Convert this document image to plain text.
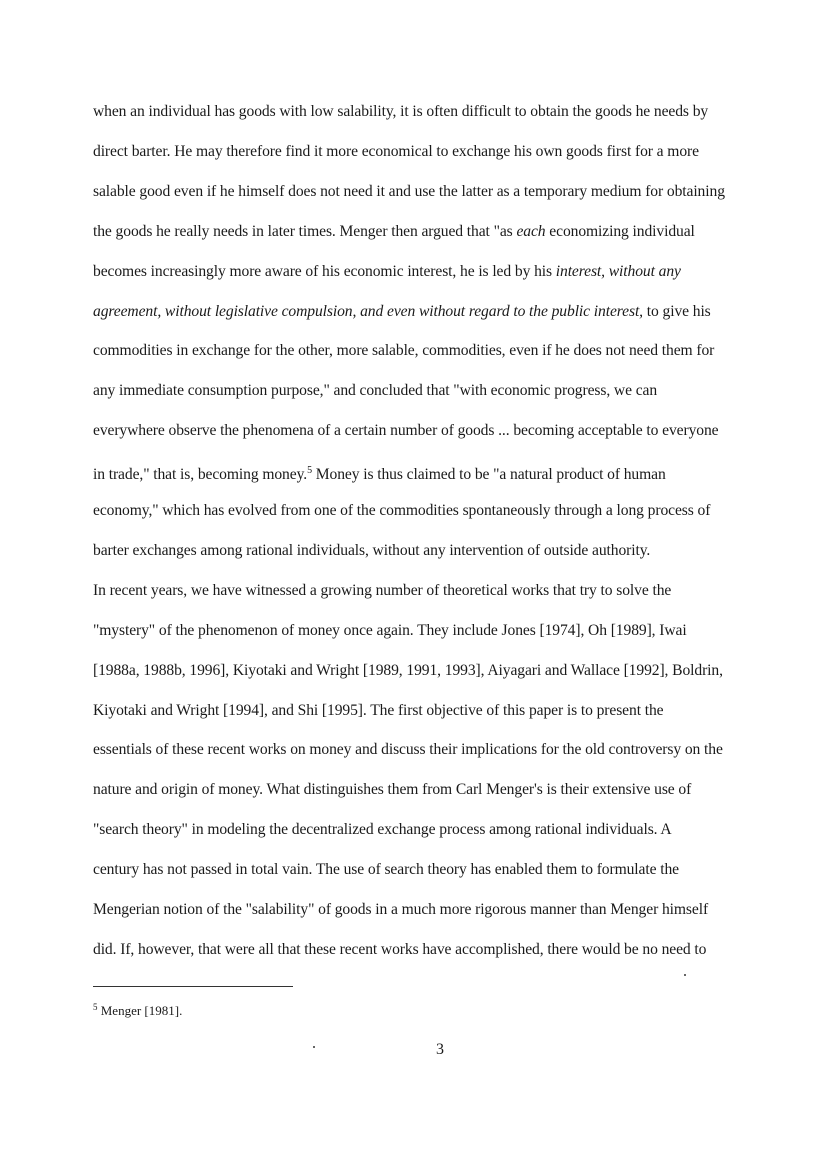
when an individual has goods with low salability, it is often difficult to obtain the goods he needs by
direct barter. He may therefore find it more economical to exchange his own goods first for a more
salable good even if he himself does not need it and use the latter as a temporary medium for obtaining
the goods he really needs in later times. Menger then argued that "as each economizing individual
becomes increasingly more aware of his economic interest, he is led by his interest, without any
agreement, without legislative compulsion, and even without regard to the public interest, to give his
commodities in exchange for the other, more salable, commodities, even if he does not need them for
any immediate consumption purpose," and concluded that "with economic progress, we can
everywhere observe the phenomena of a certain number of goods ... becoming acceptable to everyone
in trade," that is, becoming money.$^5$ Money is thus claimed to be "a natural product of human
economy," which has evolved from one of the commodities spontaneously through a long process of
barter exchanges among rational individuals, without any intervention of outside authority.
In recent years, we have witnessed a growing number of theoretical works that try to solve the
"mystery" of the phenomenon of money once again. They include Jones [1974], Oh [1989], Iwai
[1988a, 1988b, 1996], Kiyotaki and Wright [1989, 1991, 1993], Aiyagari and Wallace [1992], Boldrin,
Kiyotaki and Wright [1994], and Shi [1995]. The first objective of this paper is to present the
essentials of these recent works on money and discuss their implications for the old controversy on the
nature and origin of money. What distinguishes them from Carl Menger's is their extensive use of
"search theory" in modeling the decentralized exchange process among rational individuals. A
century has not passed in total vain. The use of search theory has enabled them to formulate the
Mengerian notion of the "salability" of goods in a much more rigorous manner than Menger himself
did. If, however, that were all that these recent works have accomplished, there would be no need to
$^5$ Menger [1981].
3
